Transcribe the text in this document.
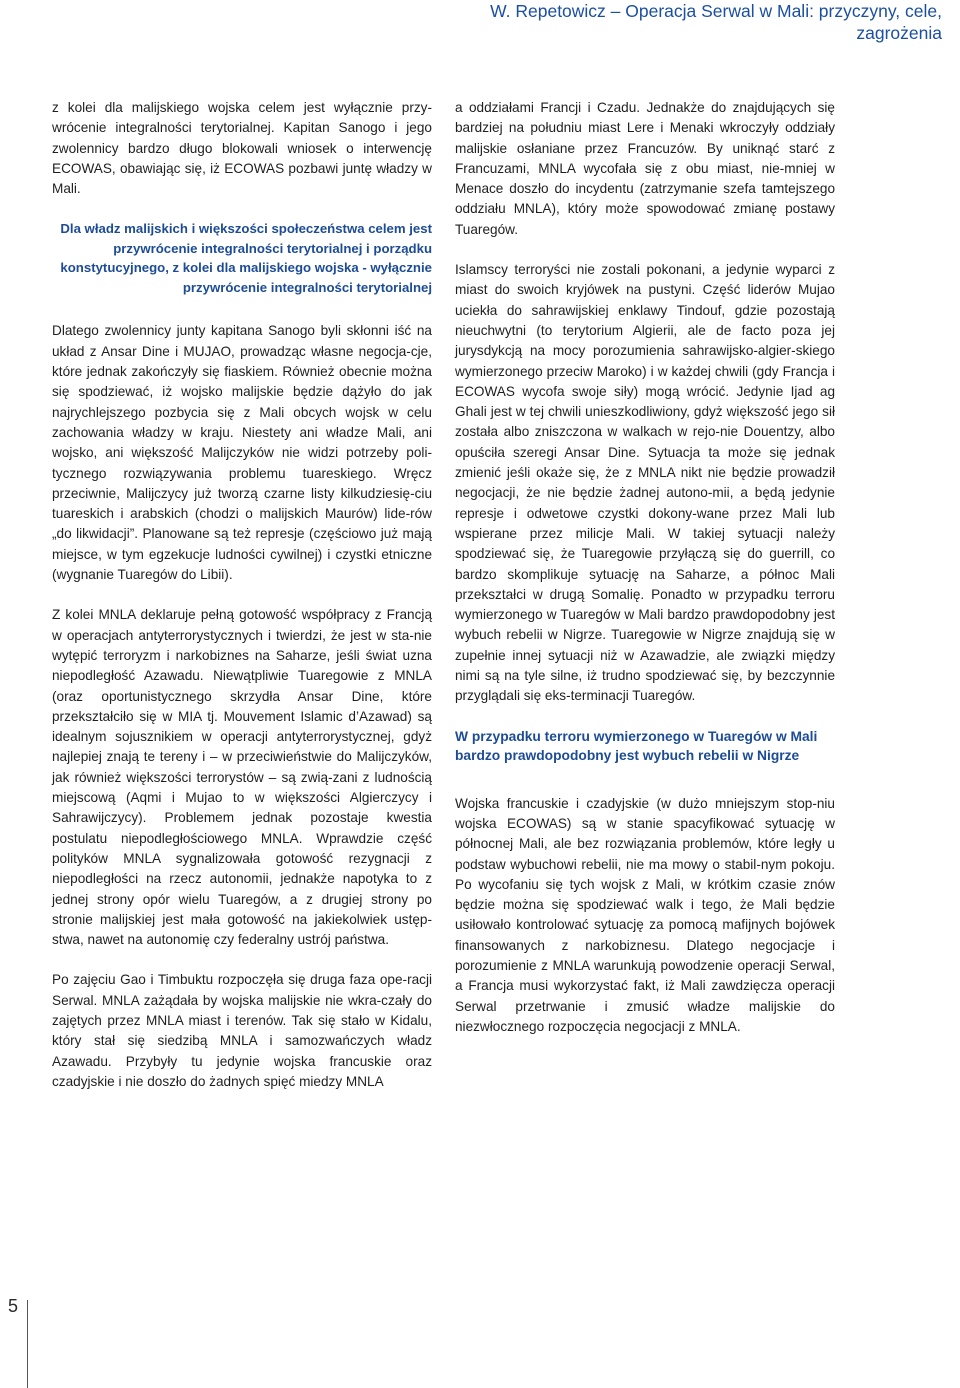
W. Repetowicz – Operacja Serwal w Mali: przyczyny, cele,
zagrożenia

z kolei dla malijskiego wojska celem jest wyłącznie przy-wrócenie integralności terytorialnej. Kapitan Sanogo i jego zwolennicy bardzo długo blokowali wniosek o interwencję ECOWAS, obawiając się, iż ECOWAS pozbawi juntę władzy w Mali.

Dla władz malijskich i większości społeczeństwa celem jest przywrócenie integralności terytorialnej i porządku konstytucyjnego, z kolei dla malijskiego wojska - wyłącznie przywrócenie integralności terytorialnej

Dlatego zwolennicy junty kapitana Sanogo byli skłonni iść na układ z Ansar Dine i MUJAO, prowadząc własne negocja-cje, które jednak zakończyły się fiaskiem. Również obecnie można się spodziewać, iż wojsko malijskie będzie dążyło do jak najrychlejszego pozbycia się z Mali obcych wojsk w celu zachowania władzy w kraju. Niestety ani władze Mali, ani wojsko, ani większość Malijczyków nie widzi potrzeby poli-tycznego rozwiązywania problemu tuareskiego. Wręcz przeciwnie, Malijczycy już tworzą czarne listy kilkudziesię-ciu tuareskich i arabskich (chodzi o malijskich Maurów) lide-rów „do likwidacji”. Planowane są też represje (częściowo już mają miejsce, w tym egzekucje ludności cywilnej) i czystki etniczne (wygnanie Tuaregów do Libii).

Z kolei MNLA deklaruje pełną gotowość współpracy z Francją w operacjach antyterrorystycznych i twierdzi, że jest w sta-nie wytępić terroryzm i narkobiznes na Saharze, jeśli świat uzna niepodległość Azawadu. Niewątpliwie Tuaregowie z MNLA (oraz oportunistycznego skrzydła Ansar Dine, które przekształciło się w MIA tj. Mouvement Islamic d’Azawad) są idealnym sojusznikiem w operacji antyterrorystycznej, gdyż najlepiej znają te tereny i – w przeciwieństwie do Malijczyków, jak również większości terrorystów – są zwią-zani z ludnością miejscową (Aqmi i Mujao to w większości Algierczycy i Sahrawijczycy). Problemem jednak pozostaje kwestia postulatu niepodległościowego MNLA. Wprawdzie część polityków MNLA sygnalizowała gotowość rezygnacji z niepodległości na rzecz autonomii, jednakże napotyka to z jednej strony opór wielu Tuaregów, a z drugiej strony po stronie malijskiej jest mała gotowość na jakiekolwiek ustęp-stwa, nawet na autonomię czy federalny ustrój państwa.

Po zajęciu Gao i Timbuktu rozpoczęła się druga faza ope-racji Serwal. MNLA zażądała by wojska malijskie nie wkra-czały do zajętych przez MNLA miast i terenów. Tak się stało w Kidalu, który stał się siedzibą MNLA i samozwańczych władz Azawadu. Przybyły tu jedynie wojska francuskie oraz czadyjskie i nie doszło do żadnych spięć miedzy MNLA

a oddziałami Francji i Czadu. Jednakże do znajdujących się bardziej na południu miast Lere i Menaki wkroczyły oddziały malijskie osłaniane przez Francuzów. By uniknąć starć z Francuzami, MNLA wycofała się z obu miast, nie-mniej w Menace doszło do incydentu (zatrzymanie szefa tamtejszego oddziału MNLA), który może spowodować zmianę postawy Tuaregów.

Islamscy terroryści nie zostali pokonani, a jedynie wyparci z miast do swoich kryjówek na pustyni. Część liderów Mujao uciekła do sahrawijskiej enklawy Tindouf, gdzie pozostają nieuchwytni (to terytorium Algierii, ale de facto poza jej jurysdykcją na mocy porozumienia sahrawijsko-algier-skiego wymierzonego przeciw Maroko) i w każdej chwili (gdy Francja i ECOWAS wycofa swoje siły) mogą wrócić. Jedynie Ijad ag Ghali jest w tej chwili unieszkodliwiony, gdyż większość jego sił została albo zniszczona w walkach w rejo-nie Douentzy, albo opuściła szeregi Ansar Dine. Sytuacja ta może się jednak zmienić jeśli okaże się, że z MNLA nikt nie będzie prowadził negocjacji, że nie będzie żadnej autono-mii, a będą jedynie represje i odwetowe czystki dokony-wane przez Mali lub wspierane przez milicje Mali. W takiej sytuacji należy spodziewać się, że Tuaregowie przyłączą się do guerrill, co bardzo skomplikuje sytuację na Saharze, a północ Mali przekształci w drugą Somalię. Ponadto w przypadku terroru wymierzonego w Tuaregów w Mali bardzo prawdopodobny jest wybuch rebelii w Nigrze. Tuaregowie w Nigrze znajdują się w zupełnie innej sytuacji niż w Azawadzie, ale związki między nimi są na tyle silne, iż trudno spodziewać się, by bezczynnie przyglądali się eks-terminacji Tuaregów.

W przypadku terroru wymierzonego w Tuaregów w Mali bardzo prawdopodobny jest wybuch rebelii w Nigrze

Wojska francuskie i czadyjskie (w dużo mniejszym stop-niu wojska ECOWAS) są w stanie spacyfikować sytuację w północnej Mali, ale bez rozwiązania problemów, które legły u podstaw wybuchowi rebelii, nie ma mowy o stabil-nym pokoju. Po wycofaniu się tych wojsk z Mali, w krótkim czasie znów będzie można się spodziewać walk i tego, że Mali będzie usiłowało kontrolować sytuację za pomocą mafijnych bojówek finansowanych z narkobiznesu. Dlatego negocjacje i porozumienie z MNLA warunkują powodzenie operacji Serwal, a Francja musi wykorzystać fakt, iż Mali zawdzięcza operacji Serwal przetrwanie i zmusić władze malijskie do niezwłocznego rozpoczęcia negocjacji z MNLA.

5
